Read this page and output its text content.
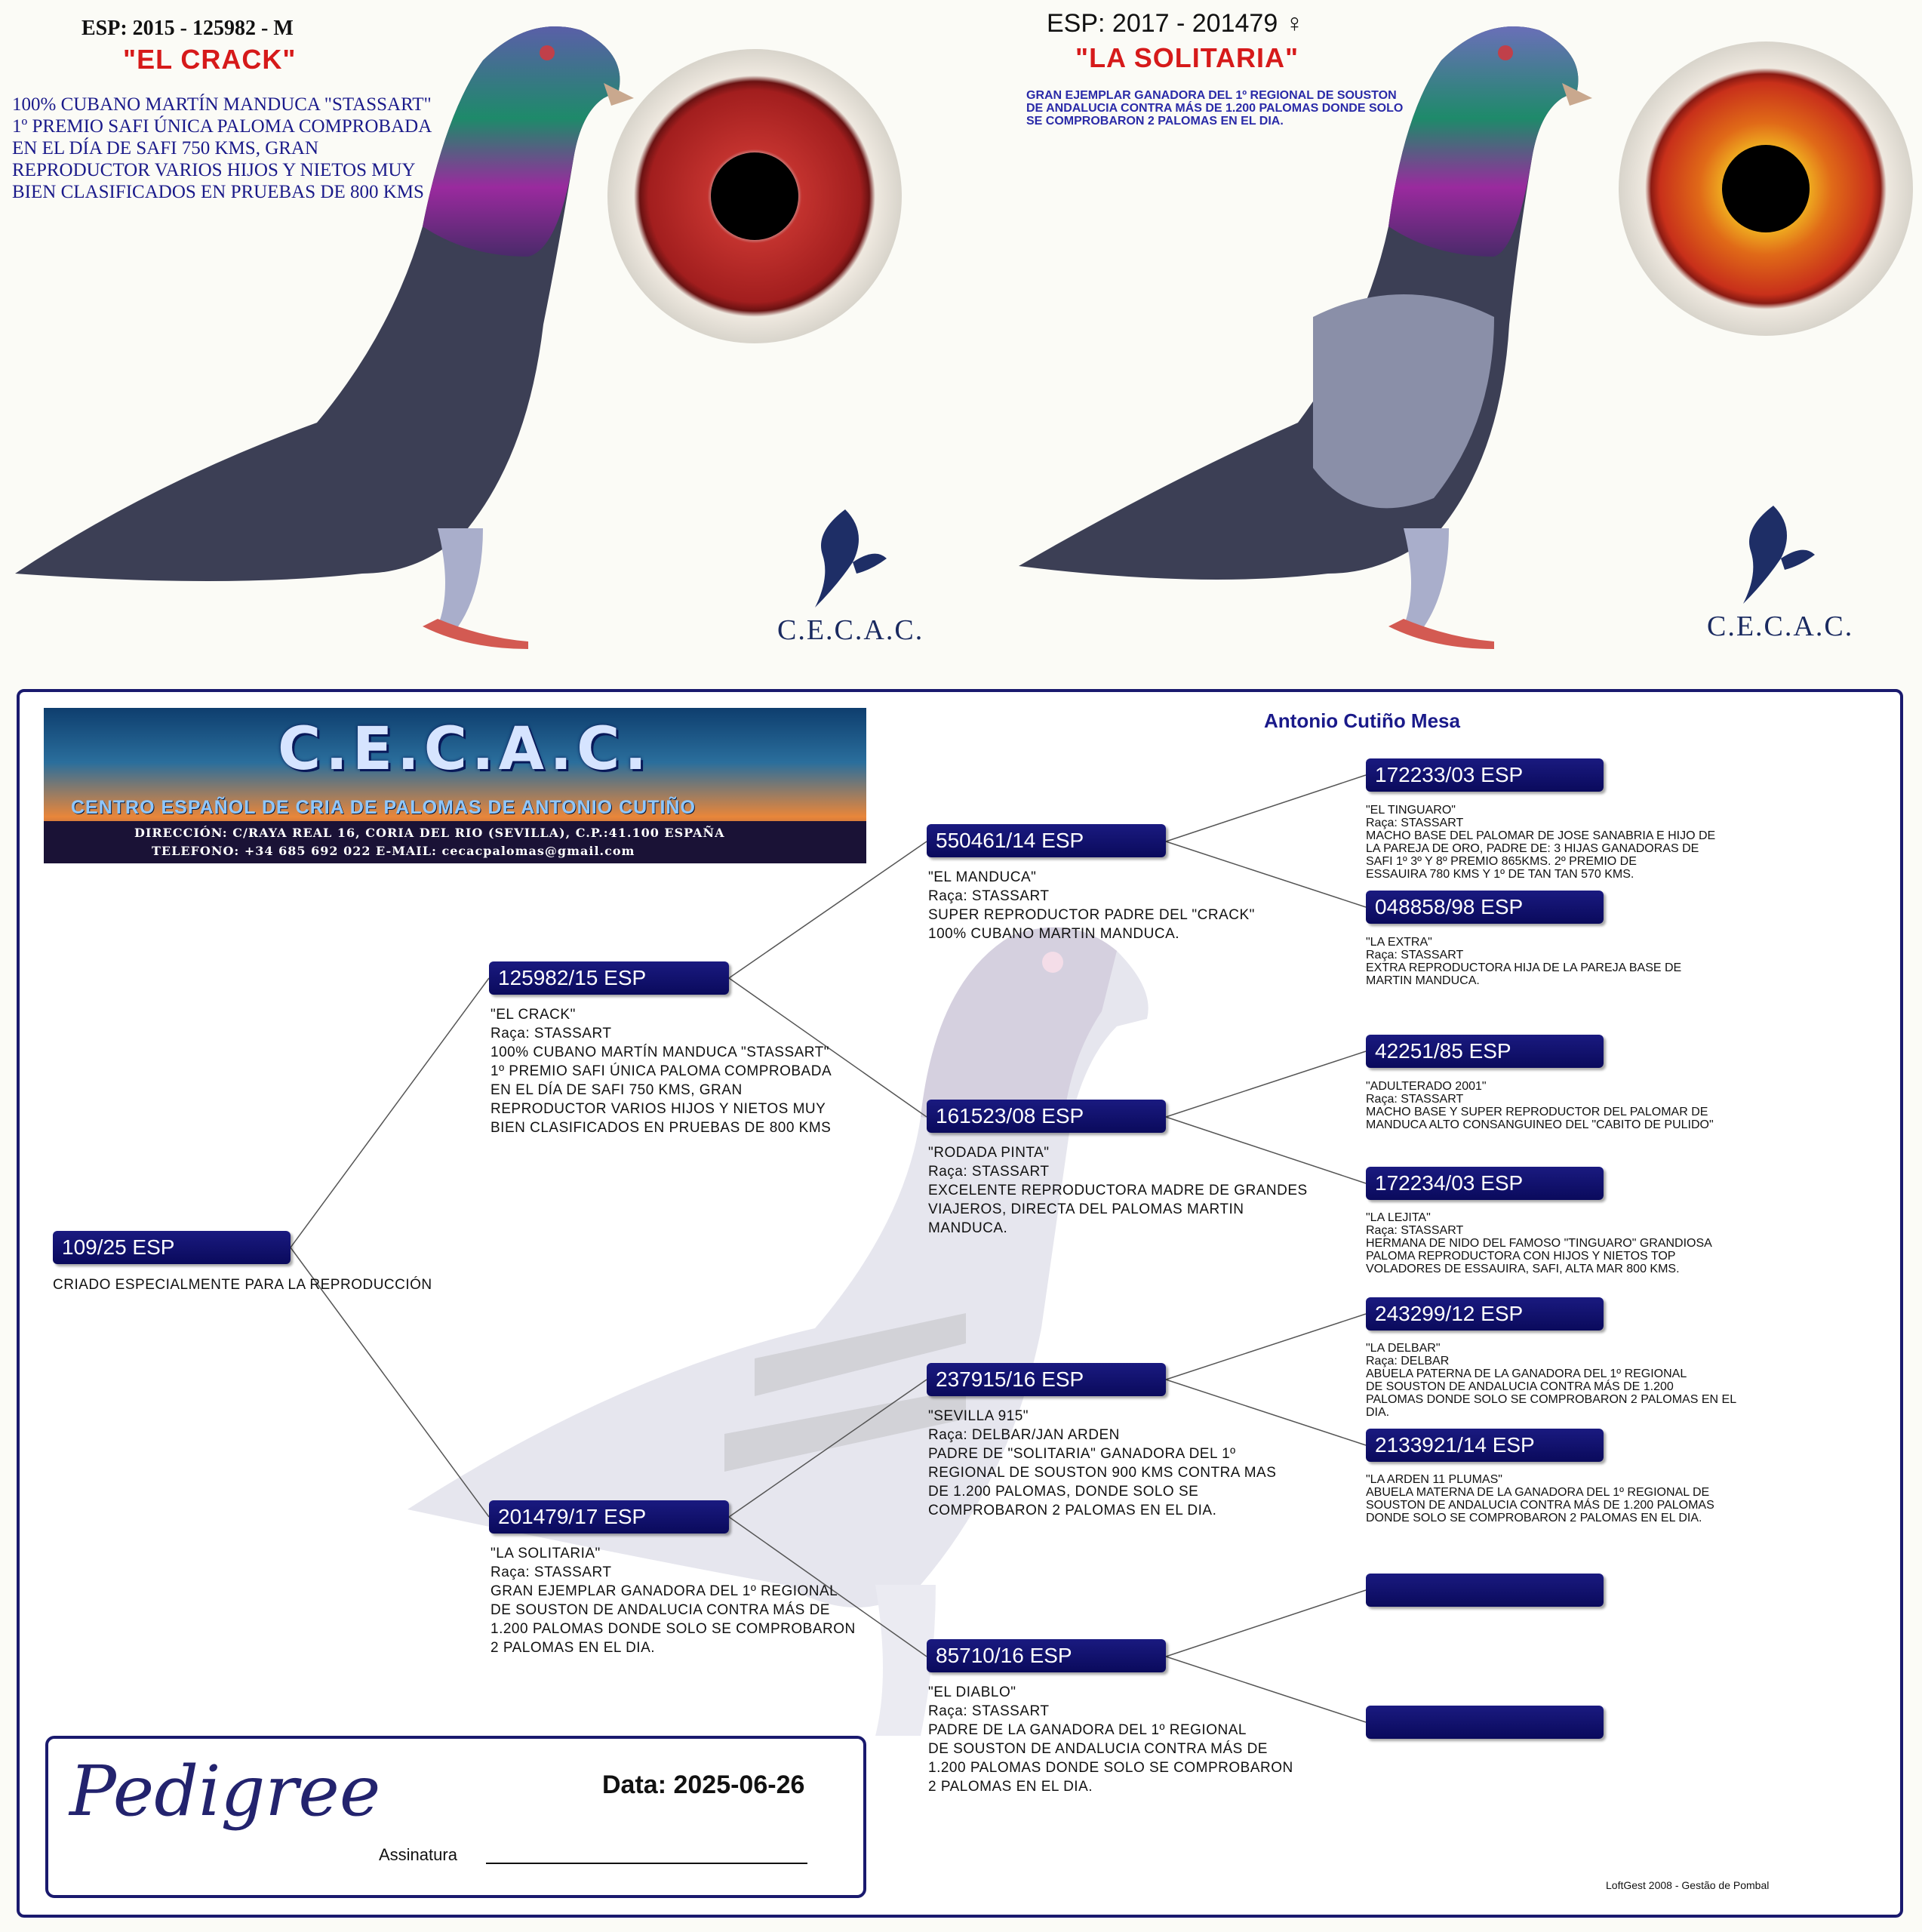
ESP: 2015 - 125982 - M
"EL CRACK"
100% CUBANO MARTÍN MANDUCA "STASSART" 1º PREMIO SAFI ÚNICA PALOMA COMPROBADA EN EL DÍA DE SAFI 750 KMS, GRAN REPRODUCTOR VARIOS HIJOS Y NIETOS MUY BIEN CLASIFICADOS EN PRUEBAS DE 800 KMS
C.E.C.A.C.
ESP: 2017 - 201479 ♀
"LA SOLITARIA"
GRAN EJEMPLAR GANADORA DEL 1º REGIONAL DE SOUSTON DE ANDALUCIA CONTRA MÁS DE 1.200 PALOMAS DONDE SOLO SE COMPROBARON 2 PALOMAS EN EL DIA.
C.E.C.A.C.
C.E.C.A.C.
CENTRO ESPAÑOL DE CRIA DE PALOMAS DE ANTONIO CUTIÑO
DIRECCIÓN: C/RAYA REAL 16, CORIA DEL RIO (SEVILLA), C.P.:41.100 ESPAÑA
TELEFONO: +34 685 692 022 E-MAIL: cecacpalomas@gmail.com
Antonio Cutiño Mesa
109/25 ESP
CRIADO ESPECIALMENTE PARA LA REPRODUCCIÓN
125982/15 ESP
"EL CRACK"
Raça: STASSART
100% CUBANO MARTÍN MANDUCA "STASSART"
1º PREMIO SAFI ÚNICA PALOMA COMPROBADA
EN EL DÍA DE SAFI 750 KMS, GRAN
REPRODUCTOR VARIOS HIJOS Y NIETOS MUY
BIEN CLASIFICADOS EN PRUEBAS DE 800 KMS
201479/17 ESP
"LA SOLITARIA"
Raça: STASSART
GRAN EJEMPLAR GANADORA DEL 1º REGIONAL
DE SOUSTON DE ANDALUCIA CONTRA MÁS DE
1.200 PALOMAS DONDE SOLO SE COMPROBARON
2 PALOMAS EN EL DIA.
550461/14 ESP
"EL MANDUCA"
Raça: STASSART
SUPER REPRODUCTOR PADRE DEL "CRACK"
100% CUBANO MARTIN MANDUCA.
161523/08 ESP
"RODADA PINTA"
Raça: STASSART
EXCELENTE REPRODUCTORA MADRE DE GRANDES
VIAJEROS, DIRECTA DEL PALOMAS MARTIN
MANDUCA.
237915/16 ESP
"SEVILLA 915"
Raça: DELBAR/JAN ARDEN
PADRE DE "SOLITARIA" GANADORA DEL 1º
REGIONAL DE SOUSTON 900 KMS CONTRA MAS
DE 1.200 PALOMAS, DONDE SOLO SE
COMPROBARON 2 PALOMAS EN EL DIA.
85710/16 ESP
"EL DIABLO"
Raça: STASSART
PADRE DE LA GANADORA DEL 1º REGIONAL
DE SOUSTON DE ANDALUCIA CONTRA MÁS DE
1.200 PALOMAS DONDE SOLO SE COMPROBARON
2 PALOMAS EN EL DIA.
172233/03 ESP
"EL TINGUARO"
Raça: STASSART
MACHO BASE DEL PALOMAR DE JOSE SANABRIA E HIJO DE
LA PAREJA DE ORO, PADRE DE: 3 HIJAS GANADORAS DE
SAFI 1º 3º Y 8º PREMIO 865KMS. 2º PREMIO DE
ESSAUIRA 780 KMS Y 1º DE TAN TAN 570 KMS.
048858/98 ESP
"LA EXTRA"
Raça: STASSART
EXTRA REPRODUCTORA HIJA DE LA PAREJA BASE DE
MARTIN MANDUCA.
42251/85 ESP
"ADULTERADO 2001"
Raça: STASSART
MACHO BASE Y SUPER REPRODUCTOR DEL PALOMAR DE
MANDUCA ALTO CONSANGUINEO DEL "CABITO DE PULIDO"
172234/03 ESP
"LA LEJITA"
Raça: STASSART
HERMANA DE NIDO DEL FAMOSO "TINGUARO" GRANDIOSA
PALOMA REPRODUCTORA CON HIJOS Y NIETOS TOP
VOLADORES DE ESSAUIRA, SAFI, ALTA MAR 800 KMS.
243299/12 ESP
"LA DELBAR"
Raça: DELBAR
ABUELA PATERNA DE LA GANADORA DEL 1º REGIONAL
DE SOUSTON DE ANDALUCIA CONTRA MÁS DE 1.200
PALOMAS DONDE SOLO SE COMPROBARON 2 PALOMAS EN EL
DIA.
2133921/14 ESP
"LA ARDEN 11 PLUMAS"
ABUELA MATERNA DE LA GANADORA DEL 1º REGIONAL DE
SOUSTON DE ANDALUCIA CONTRA MÁS DE 1.200 PALOMAS
DONDE SOLO SE COMPROBARON 2 PALOMAS EN EL DIA.
Pedigree	Data: 2025-06-26
Assinatura
LoftGest 2008 - Gestão de Pombal
